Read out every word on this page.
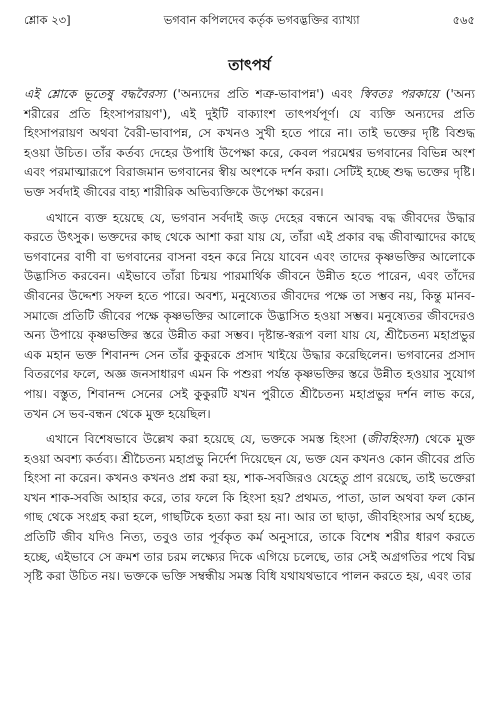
শ্লোক ২৩]	ভগবান কপিলদেব কর্তৃক ভগবদ্ভক্তির ব্যাখ্যা	৫৬৫
তাৎপর্য

এই শ্লোকে ভূতেষু বদ্ধবৈরস্য ('অন্যদের প্রতি শত্রু-ভাবাপন্ন') এবং স্বিবতঃ পরকায়ে ('অন্য শরীরের প্রতি হিংসাপরায়ণ'), এই দুইটি বাক্যাংশ তাৎপর্যপূর্ণ। যে ব্যক্তি অন্যদের প্রতি হিংসাপরায়ণ অথবা বৈরী-ভাবাপন্ন, সে কখনও সুখী হতে পারে না। তাই ভক্তের দৃষ্টি বিশুদ্ধ হওয়া উচিত। তাঁর কর্তব্য দেহের উপাধি উপেক্ষা করে, কেবল পরমেশ্বর ভগবানের বিভিন্ন অংশ এবং পরমাত্মারূপে বিরাজমান ভগবানের স্বীয় অংশকে দর্শন করা। সেটিই হচ্ছে শুদ্ধ ভক্তের দৃষ্টি। ভক্ত সর্বদাই জীবের বাহ্য শারীরিক অভিব্যক্তিকে উপেক্ষা করেন।

এখানে ব্যক্ত হয়েছে যে, ভগবান সর্বদাই জড় দেহের বন্ধনে আবদ্ধ বদ্ধ জীবদের উদ্ধার করতে উৎসুক। ভক্তদের কাছ থেকে আশা করা যায় যে, তাঁরা এই প্রকার বদ্ধ জীবাত্মাদের কাছে ভগবানের বাণী বা ভগবানের বাসনা বহন করে নিয়ে যাবেন এবং তাদের কৃষ্ণভক্তির আলোকে উদ্ভাসিত করবেন। এইভাবে তাঁরা চিন্ময় পারমার্থিক জীবনে উন্নীত হতে পারেন, এবং তাঁদের জীবনের উদ্দেশ্য সফল হতে পারে। অবশ্য, মনুষ্যেতর জীবদের পক্ষে তা সম্ভব নয়, কিন্তু মানব-সমাজে প্রতিটি জীবের পক্ষে কৃষ্ণভক্তির আলোকে উদ্ভাসিত হওয়া সম্ভব। মনুষ্যেতর জীবদেরও অন্য উপায়ে কৃষ্ণভক্তির স্তরে উন্নীত করা সম্ভব। দৃষ্টান্ত-স্বরূপ বলা যায় যে, শ্রীচৈতন্য মহাপ্রভুর এক মহান ভক্ত শিবানন্দ সেন তাঁর কুকুরকে প্রসাদ খাইয়ে উদ্ধার করেছিলেন। ভগবানের প্রসাদ বিতরণের ফলে, অজ্ঞ জনসাধারণ এমন কি পশুরা পর্যন্ত কৃষ্ণভক্তির স্তরে উন্নীত হওয়ার সুযোগ পায়। বস্তুত, শিবানন্দ সেনের সেই কুকুরটি যখন পুরীতে শ্রীচৈতন্য মহাপ্রভুর দর্শন লাভ করে, তখন সে ভব-বন্ধন থেকে মুক্ত হয়েছিল।

এখানে বিশেষভাবে উল্লেখ করা হয়েছে যে, ভক্তকে সমস্ত হিংসা (জীবহিংসা) থেকে মুক্ত হওয়া অবশ্য কর্তব্য। শ্রীচৈতন্য মহাপ্রভু নির্দেশ দিয়েছেন যে, ভক্ত যেন কখনও কোন জীবের প্রতি হিংসা না করেন। কখনও কখনও প্রশ্ন করা হয়, শাক-সবজিরও যেহেতু প্রাণ রয়েছে, তাই ভক্তেরা যখন শাক-সবজি আহার করে, তার ফলে কি হিংসা হয়? প্রথমত, পাতা, ডাল অথবা ফল কোন গাছ থেকে সংগ্রহ করা হলে, গাছটিকে হত্যা করা হয় না। আর তা ছাড়া, জীবহিংসার অর্থ হচ্ছে, প্রতিটি জীব যদিও নিত্য, তবুও তার পূর্বকৃত কর্ম অনুসারে, তাকে বিশেষ শরীর ধারণ করতে হচ্ছে, এইভাবে সে ক্রমশ তার চরম লক্ষ্যের দিকে এগিয়ে চলেছে, তার সেই অগ্রগতির পথে বিঘ্ন সৃষ্টি করা উচিত নয়। ভক্তকে ভক্তি সম্বন্ধীয় সমস্ত বিধি যথাযথভাবে পালন করতে হয়, এবং তার
